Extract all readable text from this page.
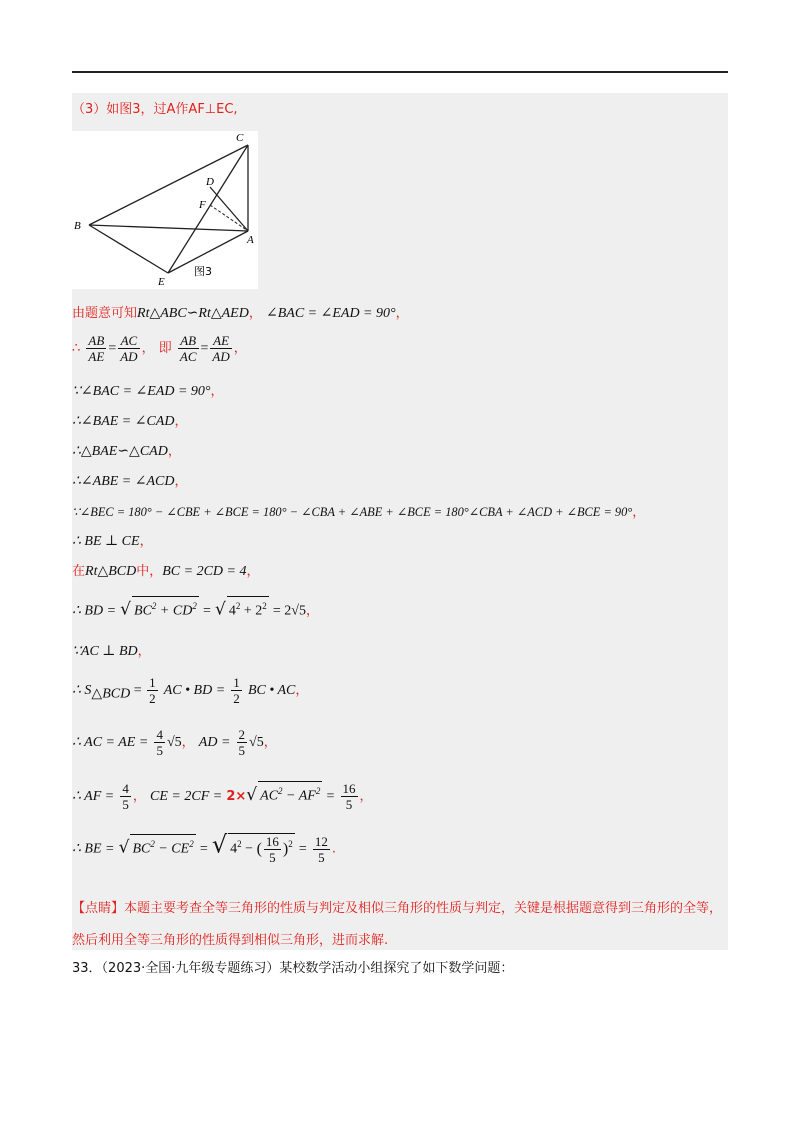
（3）如图3，过A作AF⊥EC,
C
D
F
B
A
E
图3
由题意可知Rt△ABC∽Rt△AED， ∠BAC = ∠EAD = 90°，
∴ $\frac{AB}{AE} = \frac{AC}{AD}$ ， 即 $\frac{AB}{AC} = \frac{AE}{AD}$ ，
∵∠BAC = ∠EAD = 90°，
∴∠BAE = ∠CAD，
∴△BAE∽△CAD，
∴∠ABE = ∠ACD，
∵∠BEC = 180° − ∠CBE + ∠BCE = 180° − ∠CBA + ∠ABE + ∠BCE = 180°∠CBA + ∠ACD + ∠BCE = 90°，
∴ BE ⊥ CE，
在Rt△BCD中，BC = 2CD = 4，
∴ BD = √ $BC^2 + CD^2$ = √ $4^2 + 2^2 = 2√5$，
∵AC ⊥ BD，
∴ $S_{\triangle BCD} = \frac{1}{2}$ AC • BD = $\frac{1}{2}$ BC • AC，
∴ AC = AE = $\frac{4}{5} √5$， AD = $\frac{2}{5} √5$，
∴ AF = $\frac{4}{5}$ ， CE = 2CF = 2×√ $AC^2 - AF^2 = \frac{16}{5}$ ，
∴ BE = √ $BC^2 - CE^2$ = √ $4^2$ − ( $\frac{16}{5} )^2 = \frac{12}{5}$ .
【点睛】本题主要考查全等三角形的性质与判定及相似三角形的性质与判定，关键是根据题意得到三角形的全等，然后利用全等三角形的性质得到相似三角形，进而求解.
33．（2023·全国·九年级专题练习）某校数学活动小组探究了如下数学问题：
